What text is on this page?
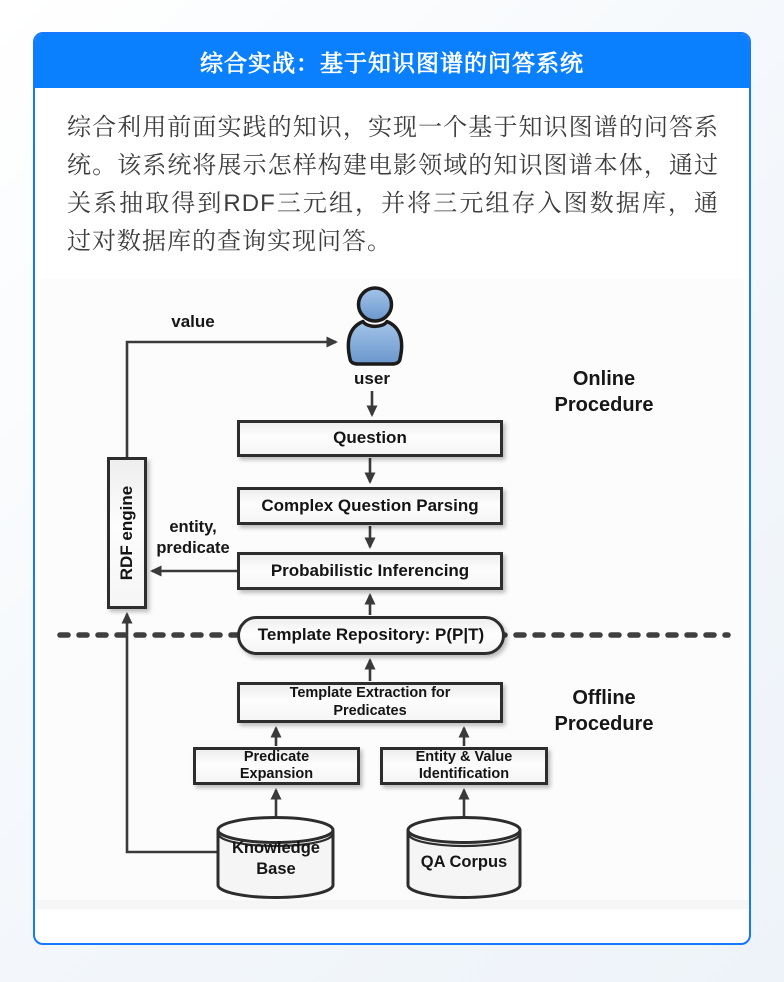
综合实战：基于知识图谱的问答系统

综合利用前面实践的知识，实现一个基于知识图谱的问答系统。该系统将展示怎样构建电影领域的知识图谱本体，通过关系抽取得到RDF三元组，并将三元组存入图数据库，通过对数据库的查询实现问答。

RDF engine
Question
Complex Question Parsing
Probabilistic Inferencing
Template Repository: P(P|T)
Template Extraction for Predicates
Predicate Expansion
Entity & Value Identification
value
user
entity, predicate
Online Procedure
Offline Procedure
Knowledge Base	QA Corpus
